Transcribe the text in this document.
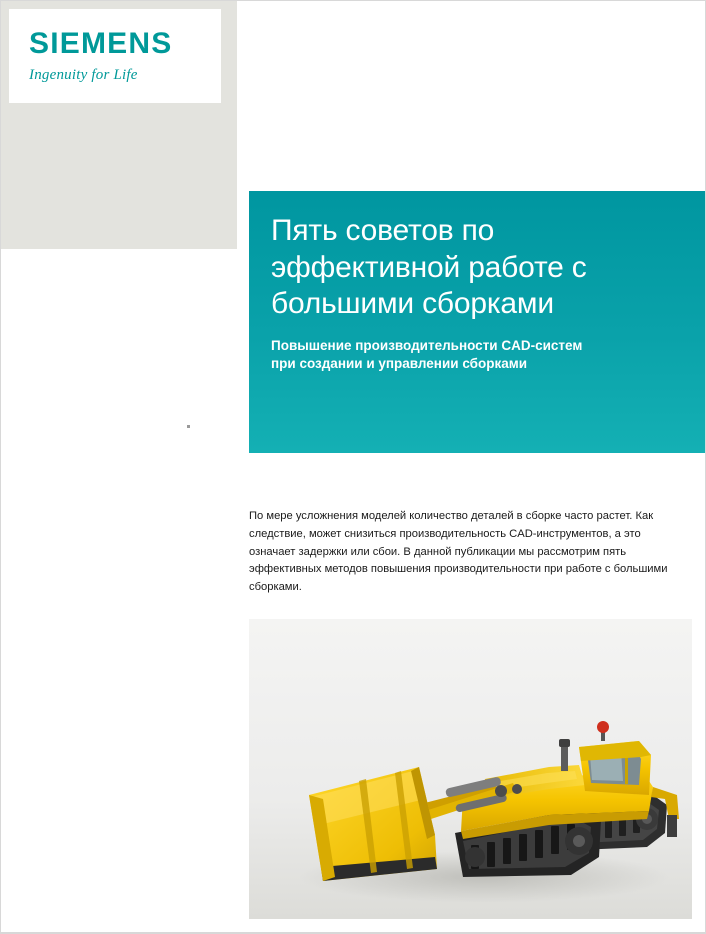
SIEMENS
Ingenuity for Life
Пять советов по эффективной работе с большими сборками

Повышение производительности CAD-систем при создании и управлении сборками

По мере усложнения моделей количество деталей в сборке часто растет. Как следствие, может снизиться производительность CAD-инструментов, а это означает задержки или сбои. В данной публикации мы рассмотрим пять эффективных методов повышения производительности при работе с большими сборками.
